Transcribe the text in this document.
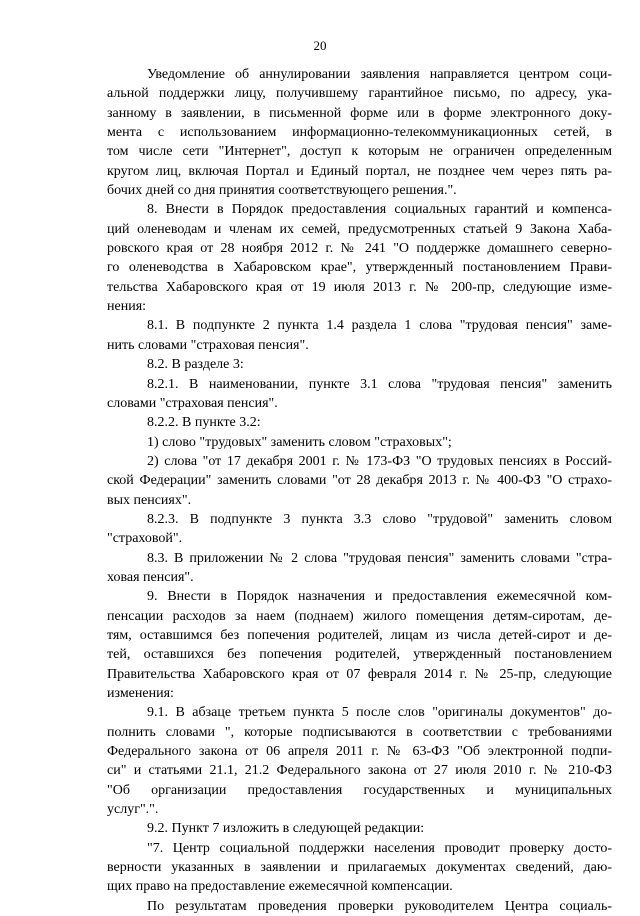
20
Уведомление об аннулировании заявления направляется центром соци-
альной поддержки лицу, получившему гарантийное письмо, по адресу, ука-
занному в заявлении, в письменной форме или в форме электронного доку-
мента с использованием информационно-телекоммуникационных сетей, в
том числе сети "Интернет", доступ к которым не ограничен определенным
кругом лиц, включая Портал и Единый портал, не позднее чем через пять ра-
бочих дней со дня принятия соответствующего решения.".
8. Внести в Порядок предоставления социальных гарантий и компенса-
ций оленеводам и членам их семей, предусмотренных статьей 9 Закона Хаба-
ровского края от 28 ноября 2012 г. № 241 "О поддержке домашнего северно-
го оленеводства в Хабаровском крае", утвержденный постановлением Прави-
тельства Хабаровского края от 19 июля 2013 г. № 200-пр, следующие изме-
нения:
8.1. В подпункте 2 пункта 1.4 раздела 1 слова "трудовая пенсия" заме-
нить словами "страховая пенсия".
8.2. В разделе 3:
8.2.1. В наименовании, пункте 3.1 слова "трудовая пенсия" заменить
словами "страховая пенсия".
8.2.2. В пункте 3.2:
1) слово "трудовых" заменить словом "страховых";
2) слова "от 17 декабря 2001 г. № 173-ФЗ "О трудовых пенсиях в Россий-
ской Федерации" заменить словами "от 28 декабря 2013 г. № 400-ФЗ "О страхо-
вых пенсиях".
8.2.3. В подпункте 3 пункта 3.3 слово "трудовой" заменить словом
"страховой".
8.3. В приложении № 2 слова "трудовая пенсия" заменить словами "стра-
ховая пенсия".
9. Внести в Порядок назначения и предоставления ежемесячной ком-
пенсации расходов за наем (поднаем) жилого помещения детям-сиротам, де-
тям, оставшимся без попечения родителей, лицам из числа детей-сирот и де-
тей, оставшихся без попечения родителей, утвержденный постановлением
Правительства Хабаровского края от 07 февраля 2014 г. № 25-пр, следующие
изменения:
9.1. В абзаце третьем пункта 5 после слов "оригиналы документов" до-
полнить словами ", которые подписываются в соответствии с требованиями
Федерального закона от 06 апреля 2011 г. № 63-ФЗ "Об электронной подпи-
си" и статьями 21.1, 21.2 Федерального закона от 27 июля 2010 г. № 210-ФЗ
"Об организации предоставления государственных и муниципальных
услуг".".
9.2. Пункт 7 изложить в следующей редакции:
"7. Центр социальной поддержки населения проводит проверку досто-
верности указанных в заявлении и прилагаемых документах сведений, даю-
щих право на предоставление ежемесячной компенсации.
По результатам проведения проверки руководителем Центра социаль-
